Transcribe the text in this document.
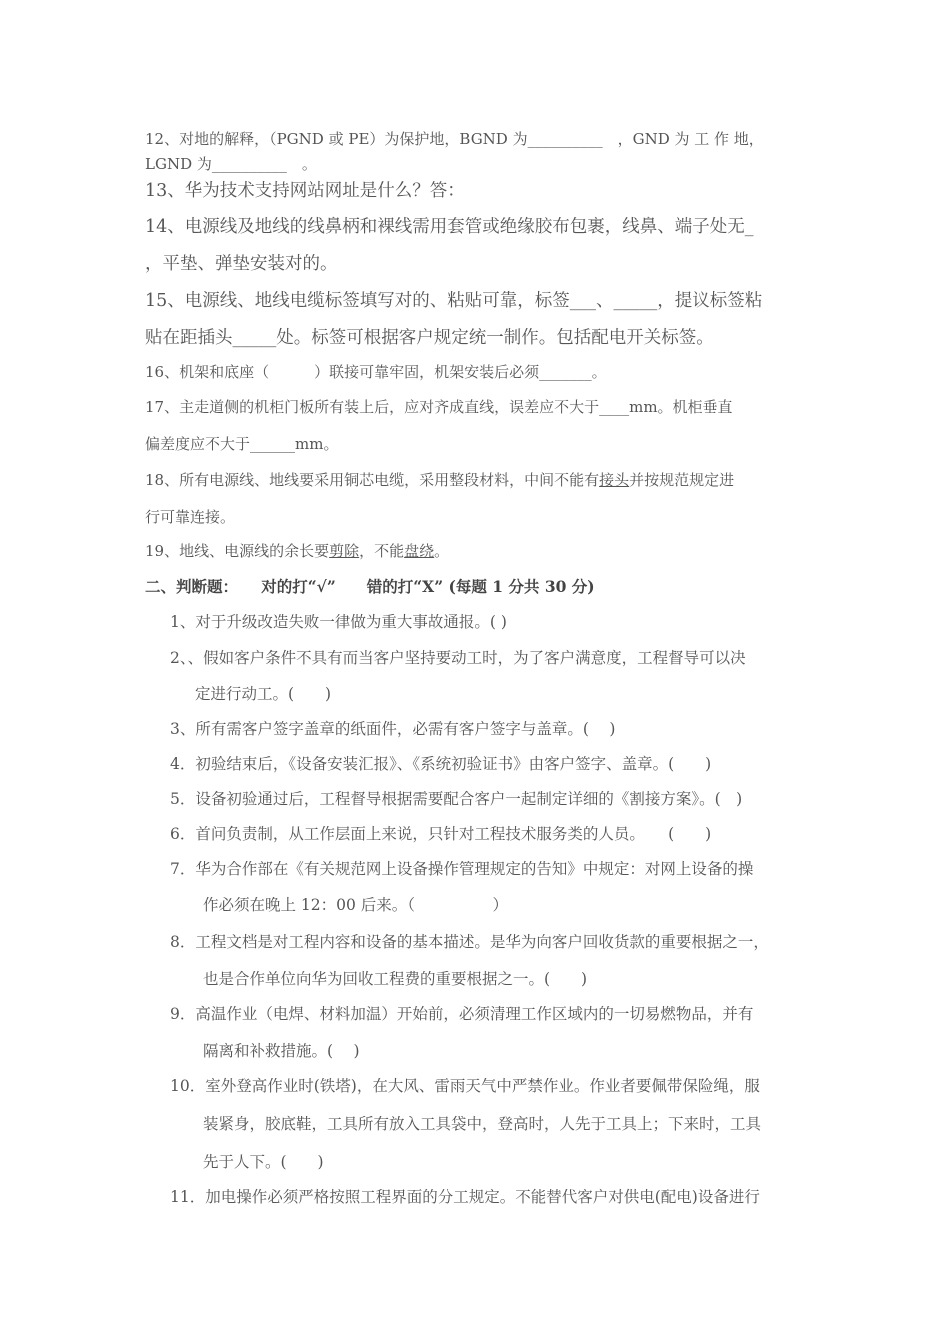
12、对地的解释，（PGND 或 PE）为保护地，BGND 为__________　，GND 为 工 作 地，

LGND 为__________　。

13、华为技术支持网站网址是什么？答：

14、电源线及地线的线鼻柄和裸线需用套管或绝缘胶布包裹，线鼻、端子处无_

，平垫、弹垫安装对的。

15、电源线、地线电缆标签填写对的、粘贴可靠，标签___、_____，提议标签粘

贴在距插头_____处。标签可根据客户规定统一制作。包括配电开关标签。

16、机架和底座（　　　）联接可靠牢固，机架安装后必须_______。

17、主走道侧的机柜门板所有装上后，应对齐成直线，误差应不大于____mm。机柜垂直

偏差度应不大于______mm。

18、所有电源线、地线要采用铜芯电缆，采用整段材料，中间不能有接头并按规范规定进

行可靠连接。

19、地线、电源线的余长要剪除，不能盘绕。

二、判断题：　　对的打“√”　　错的打“X” (每题 1 分共 30 分)

1、对于升级改造失败一律做为重大事故通报。( )

2、、假如客户条件不具有而当客户坚持要动工时，为了客户满意度，工程督导可以决

定进行动工。(　　)

3、所有需客户签字盖章的纸面件，必需有客户签字与盖章。(　 )

4．初验结束后，《设备安装汇报》、《系统初验证书》由客户签字、盖章。(　　)

5．设备初验通过后，工程督导根据需要配合客户一起制定详细的《割接方案》。(　)

6．首问负责制，从工作层面上来说，只针对工程技术服务类的人员。　　(　　)

7．华为合作部在《有关规范网上设备操作管理规定的告知》中规定：对网上设备的操

作必须在晚上 12：00 后来。（　　　　　）

8．工程文档是对工程内容和设备的基本描述。是华为向客户回收货款的重要根据之一，

也是合作单位向华为回收工程费的重要根据之一。(　　)

9．高温作业（电焊、材料加温）开始前，必须清理工作区域内的一切易燃物品，并有

隔离和补救措施。(　 )

10．室外登高作业时(铁塔)，在大风、雷雨天气中严禁作业。作业者要佩带保险绳，服

装紧身，胶底鞋，工具所有放入工具袋中，登高时，人先于工具上；下来时，工具

先于人下。(　　)

11．加电操作必须严格按照工程界面的分工规定。不能替代客户对供电(配电)设备进行
